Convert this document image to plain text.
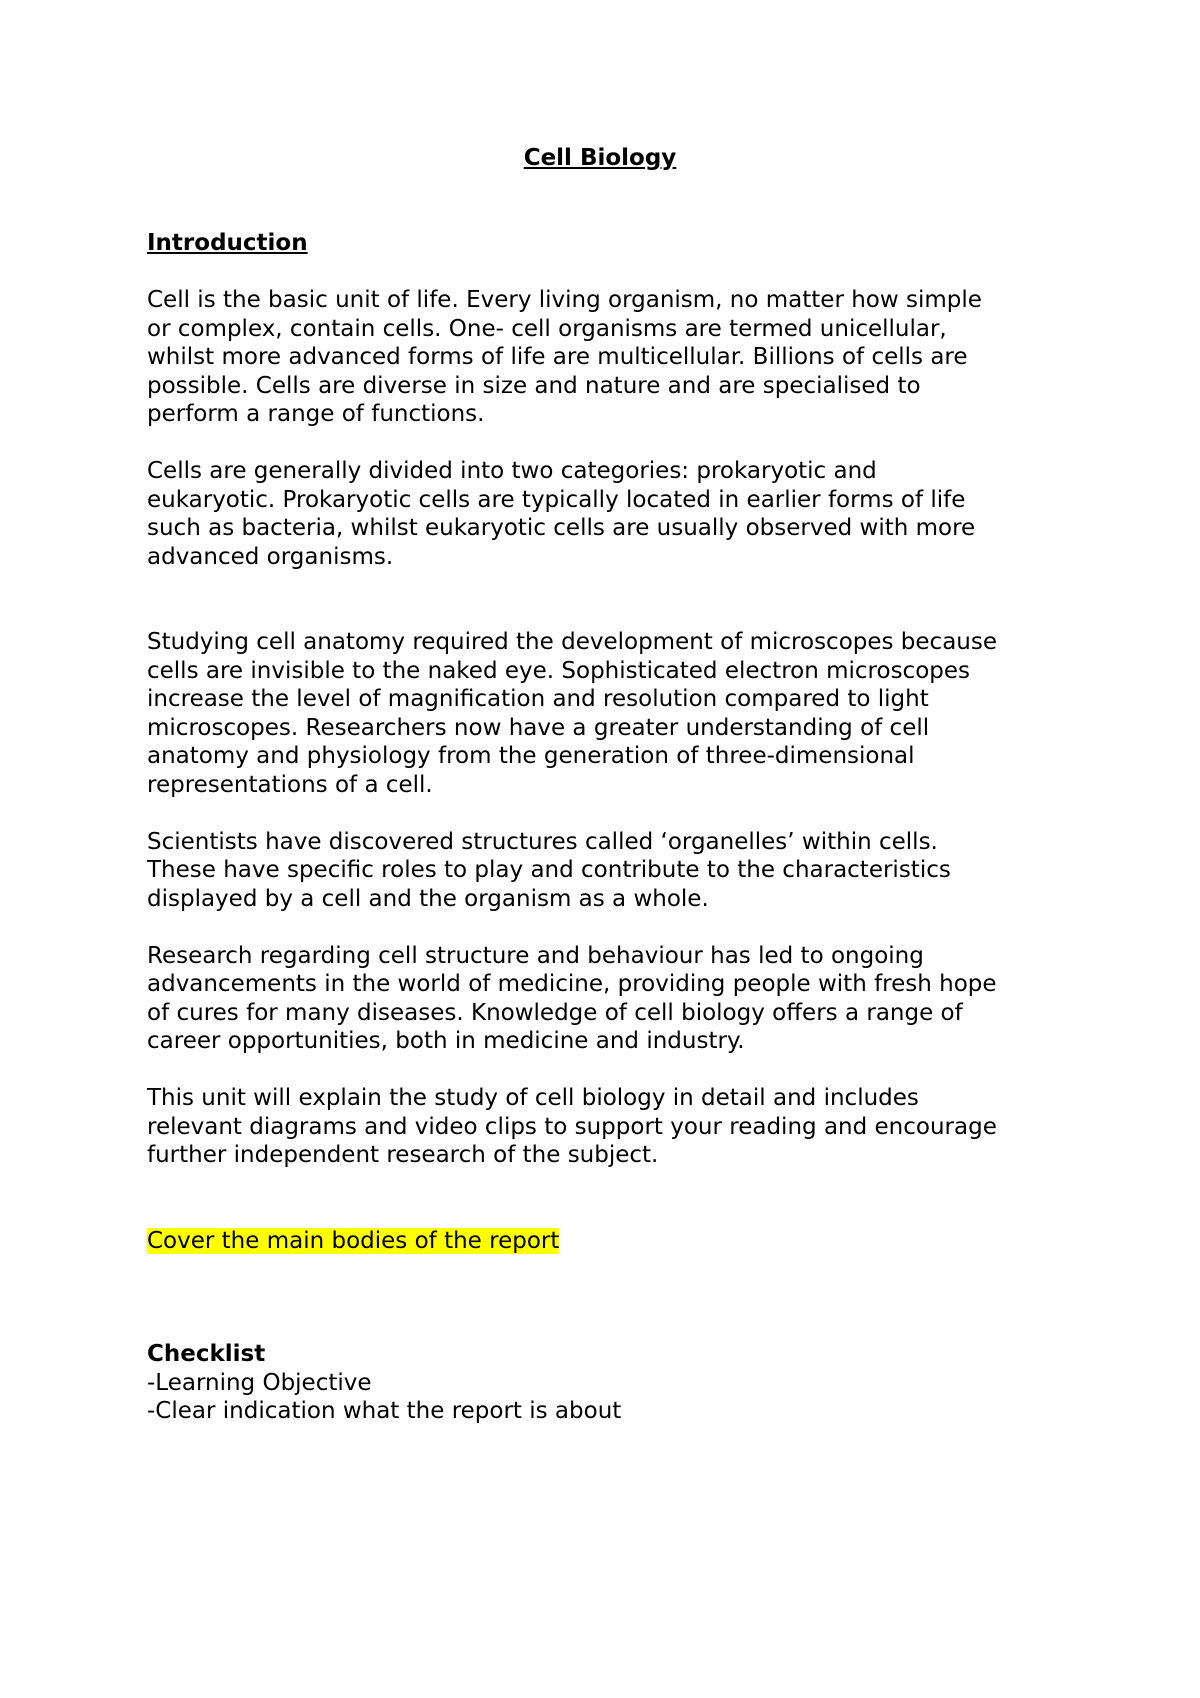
Cell Biology
Introduction

Cell is the basic unit of life. Every living organism, no matter how simple
or complex, contain cells. One- cell organisms are termed unicellular,
whilst more advanced forms of life are multicellular. Billions of cells are
possible. Cells are diverse in size and nature and are specialised to
perform a range of functions.

Cells are generally divided into two categories: prokaryotic and
eukaryotic. Prokaryotic cells are typically located in earlier forms of life
such as bacteria, whilst eukaryotic cells are usually observed with more
advanced organisms.

Studying cell anatomy required the development of microscopes because
cells are invisible to the naked eye. Sophisticated electron microscopes
increase the level of magnification and resolution compared to light
microscopes. Researchers now have a greater understanding of cell
anatomy and physiology from the generation of three-dimensional
representations of a cell.

Scientists have discovered structures called ‘organelles’ within cells.
These have specific roles to play and contribute to the characteristics
displayed by a cell and the organism as a whole.

Research regarding cell structure and behaviour has led to ongoing
advancements in the world of medicine, providing people with fresh hope
of cures for many diseases. Knowledge of cell biology offers a range of
career opportunities, both in medicine and industry.

This unit will explain the study of cell biology in detail and includes
relevant diagrams and video clips to support your reading and encourage
further independent research of the subject.

Cover the main bodies of the report

Checklist
-Learning Objective
-Clear indication what the report is about
